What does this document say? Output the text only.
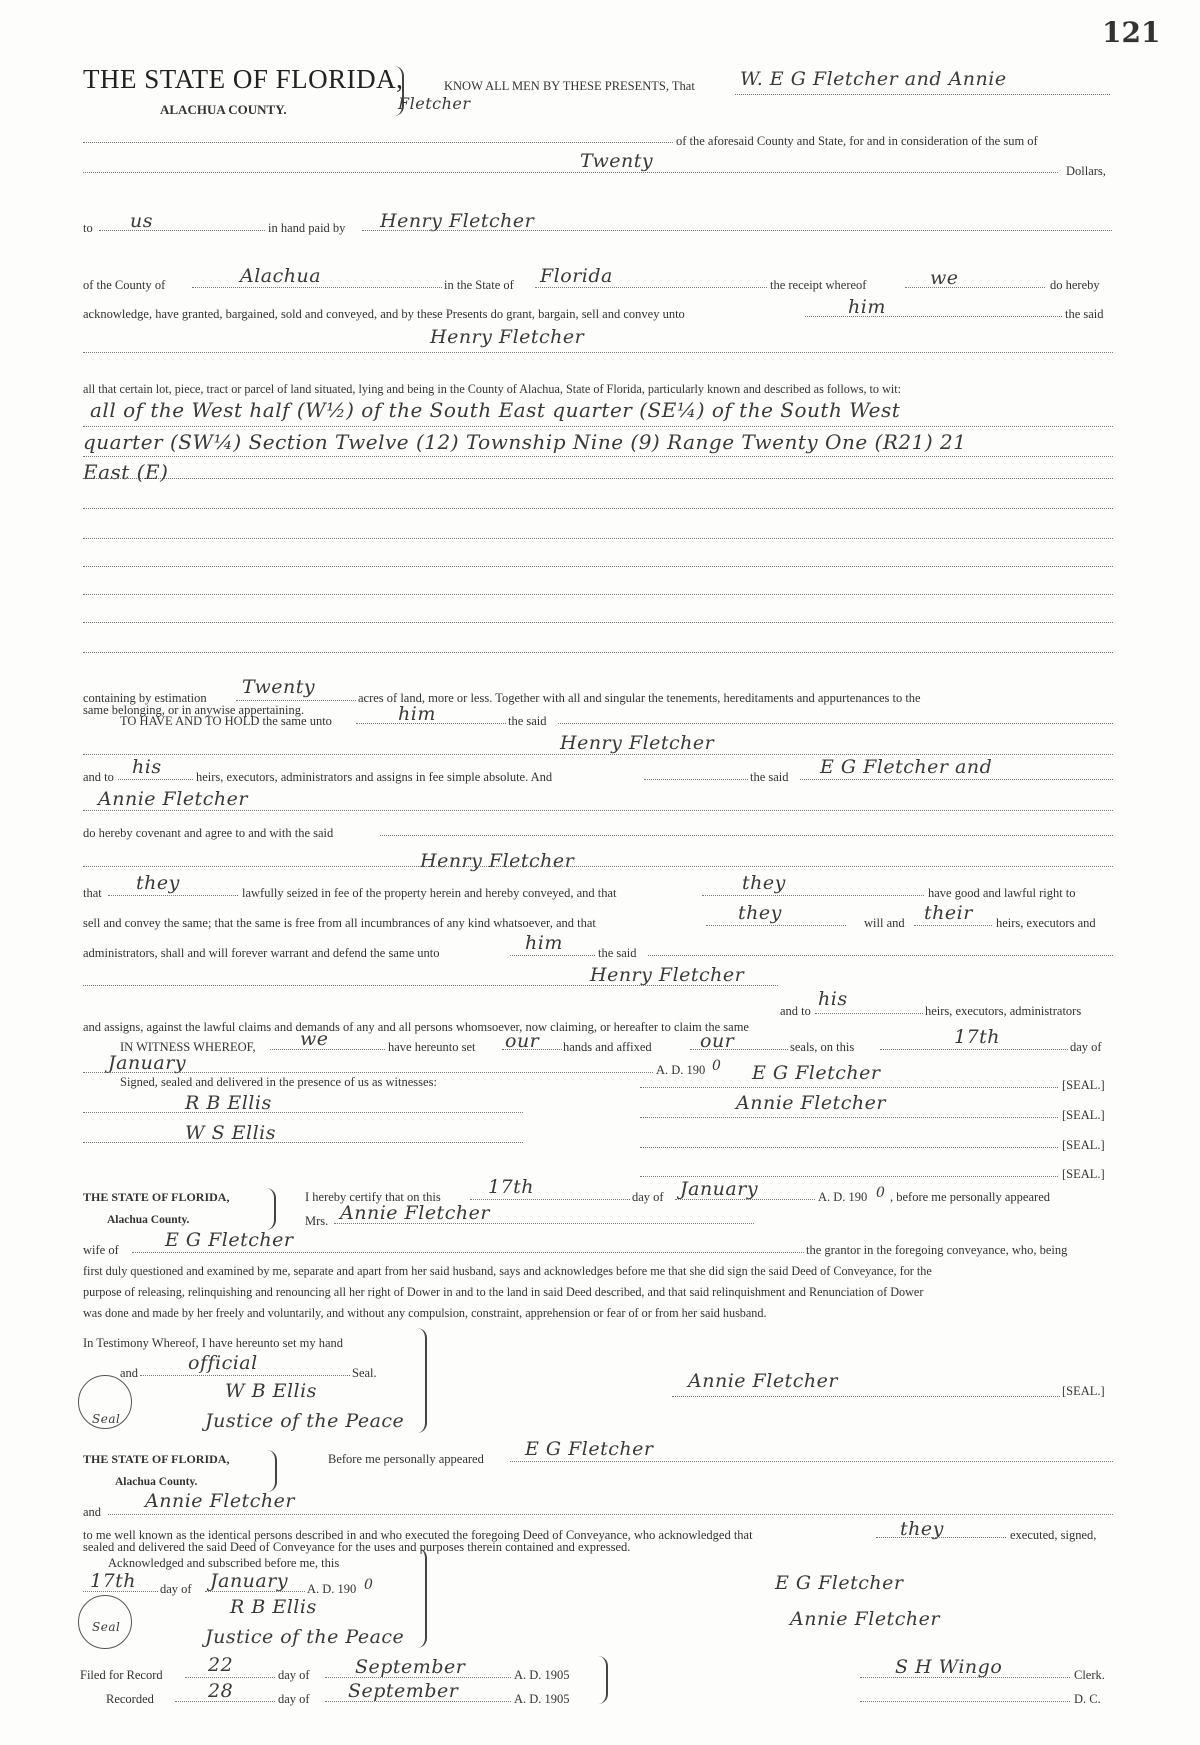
121
THE STATE OF FLORIDA,
ALACHUA COUNTY.
KNOW ALL MEN BY THESE PRESENTS, That W. E G Fletcher and Annie
Fletcher
of the aforesaid County and State, for and in consideration of the sum of
Twenty	Dollars,
to us	in hand paid by Henry Fletcher
of the County of	Alachua	in the State of Florida	the receipt whereof	we	do hereby
acknowledge, have granted, bargained, sold and conveyed, and by these Presents do grant, bargain, sell and convey unto	him	the said
Henry Fletcher
all that certain lot, piece, tract or parcel of land situated, lying and being in the County of Alachua, State of Florida, particularly known and described as follows, to wit:
all of the West half (W½) of the South East quarter (SE¼) of the South West
quarter (SW¼) Section Twelve (12) Township Nine (9) Range Twenty One (R21) 21
East (E)
containing by estimation Twenty	acres of land, more or less. Together with all and singular the tenements, hereditaments and appurtenances to the
same belonging, or in anywise appertaining.
TO HAVE AND TO HOLD the same unto	him	the said
Henry Fletcher
and to his	heirs, executors, administrators and assigns in fee simple absolute. And	the said E G Fletcher and
Annie Fletcher
do hereby covenant and agree to and with the said
Henry Fletcher
that they	lawfully seized in fee of the property herein and hereby conveyed, and that	they	have good and lawful right to
sell and convey the same; that the same is free from all incumbrances of any kind whatsoever, and that	they	will and their heirs, executors and
administrators, shall and will forever warrant and defend the same unto	him	the said
Henry Fletcher
and to
his
heirs, executors, administrators
and assigns, against the lawful claims and demands of any and all persons whomsoever, now claiming, or hereafter to claim the same
IN WITNESS WHEREOF, we	have hereunto set our hands and affixed	our	seals, on this	17th	day of
January	A. D. 190 0
Signed, sealed and delivered in the presence of us as witnesses:
R B Ellis
W S Ellis
E G Fletcher
[SEAL.]
Annie Fletcher
[SEAL.]
[SEAL.]
[SEAL.]
THE STATE OF FLORIDA,
Alachua County.
I hereby certify that on this 17th	day of January	A. D. 190 0 , before me personally appeared
Mrs. Annie Fletcher
wife of E G Fletcher	the grantor in the foregoing conveyance, who, being
first duly questioned and examined by me, separate and apart from her said husband, says and acknowledges before me that she did sign the said Deed of Conveyance, for the
purpose of releasing, relinquishing and renouncing all her right of Dower in and to the land in said Deed described, and that said relinquishment and Renunciation of Dower
was done and made by her freely and voluntarily, and without any compulsion, constraint, apprehension or fear of or from her said husband.
In Testimony Whereof, I have hereunto set my hand
and	official	Seal.
W B Ellis
Justice of the Peace
Seal
Annie Fletcher	[SEAL.]
THE STATE OF FLORIDA,
Alachua County.
Before me personally appeared E G Fletcher
and Annie Fletcher
to me well known as the identical persons described in and who executed the foregoing Deed of Conveyance, who acknowledged that	they	executed, signed,
sealed and delivered the said Deed of Conveyance for the uses and purposes therein contained and expressed.
Acknowledged and subscribed before me, this
17th day of January A. D. 190 0
R B Ellis
Justice of the Peace
Seal
E G Fletcher
Annie Fletcher
Filed for Record 22	day of September	A. D. 1905
Recorded	28	day of September	A. D. 1905
S H Wingo	Clerk.
D. C.
